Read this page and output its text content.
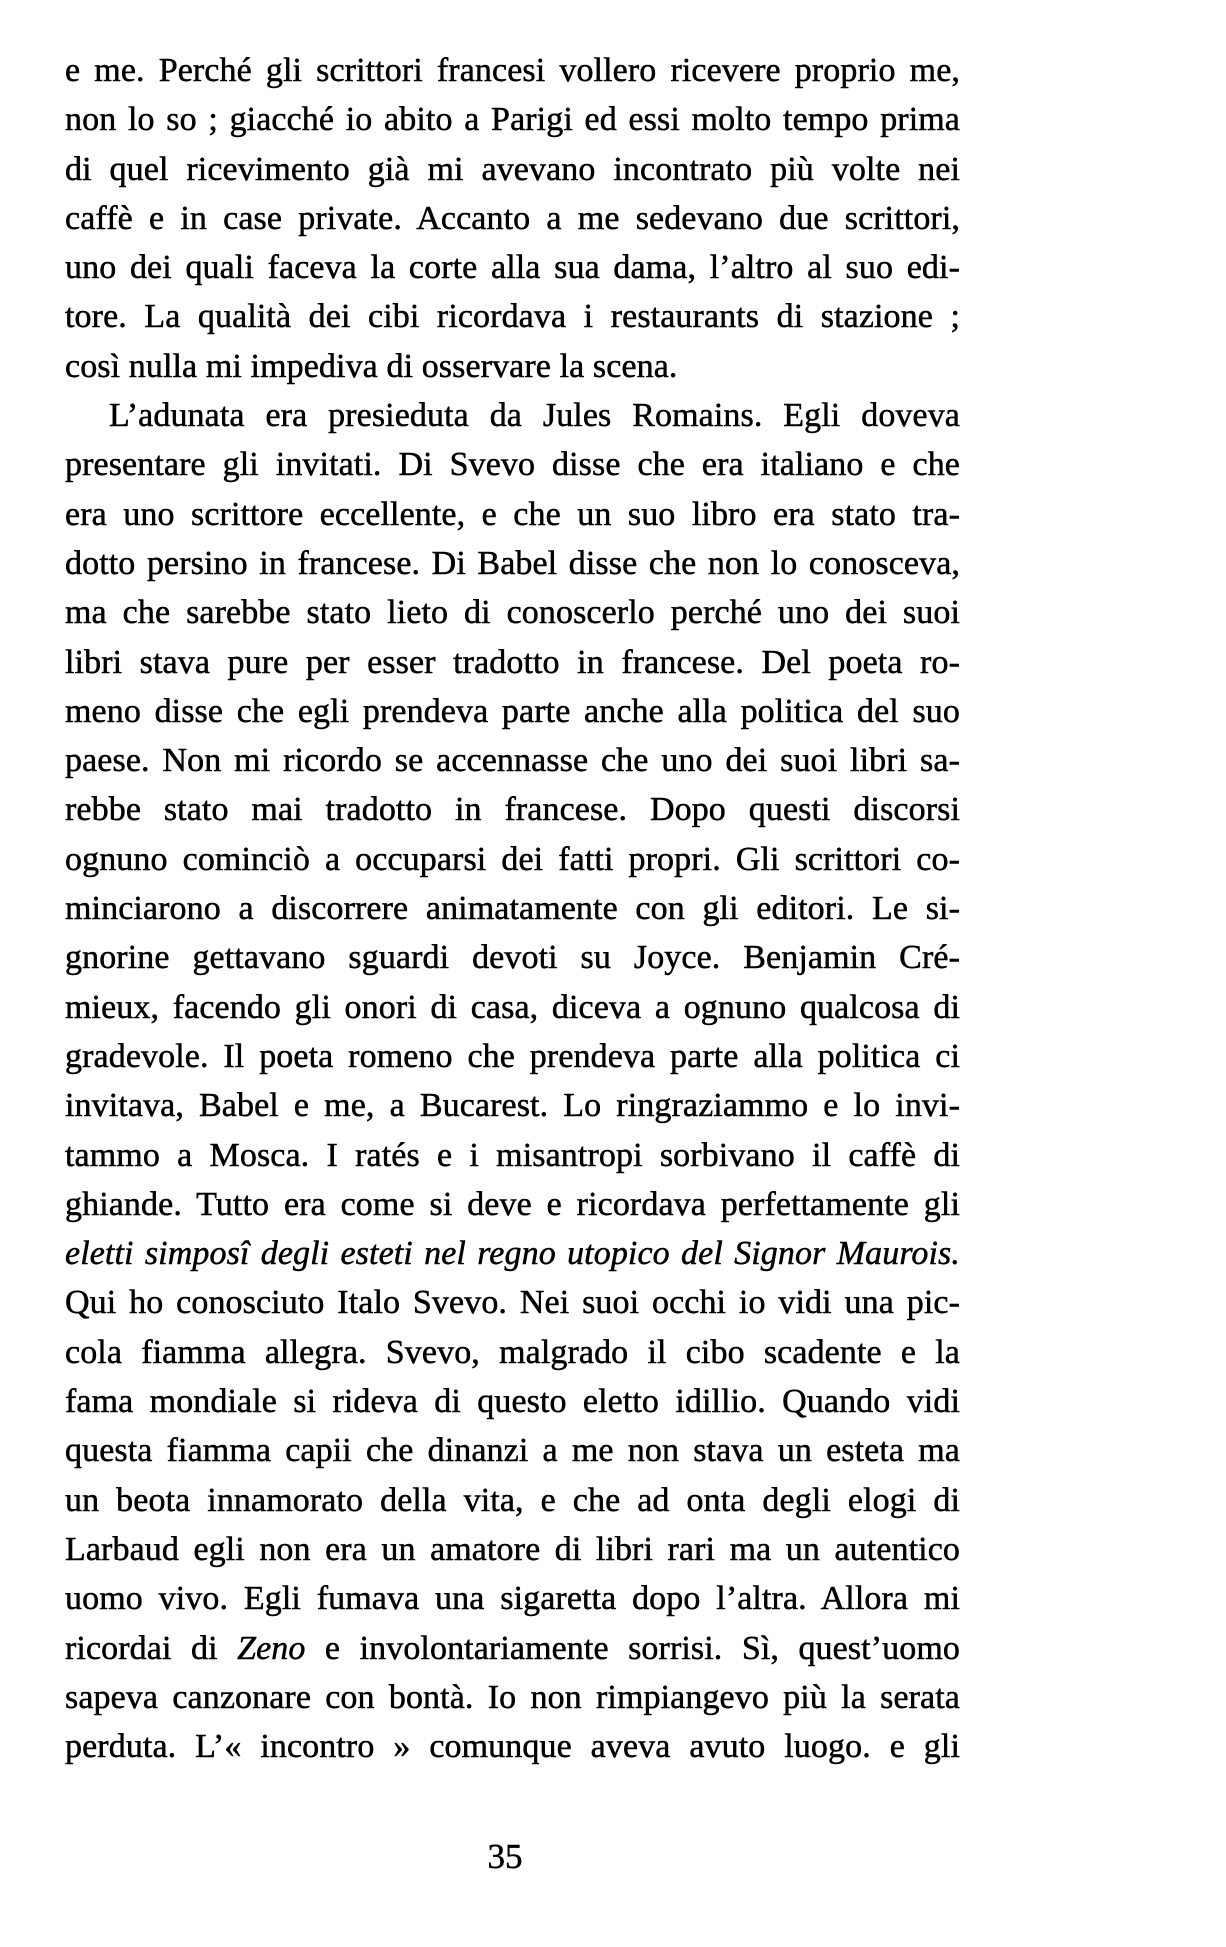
e me. Perché gli scrittori francesi vollero ricevere proprio me,
non lo so ; giacché io abito a Parigi ed essi molto tempo prima
di quel ricevimento già mi avevano incontrato più volte nei
caffè e in case private. Accanto a me sedevano due scrittori,
uno dei quali faceva la corte alla sua dama, l’altro al suo edi-
tore. La qualità dei cibi ricordava i restaurants di stazione ;
così nulla mi impediva di osservare la scena.
L’adunata era presieduta da Jules Romains. Egli doveva
presentare gli invitati. Di Svevo disse che era italiano e che
era uno scrittore eccellente, e che un suo libro era stato tra-
dotto persino in francese. Di Babel disse che non lo conosceva,
ma che sarebbe stato lieto di conoscerlo perché uno dei suoi
libri stava pure per esser tradotto in francese. Del poeta ro-
meno disse che egli prendeva parte anche alla politica del suo
paese. Non mi ricordo se accennasse che uno dei suoi libri sa-
rebbe stato mai tradotto in francese. Dopo questi discorsi
ognuno cominciò a occuparsi dei fatti propri. Gli scrittori co-
minciarono a discorrere animatamente con gli editori. Le si-
gnorine gettavano sguardi devoti su Joyce. Benjamin Cré-
mieux, facendo gli onori di casa, diceva a ognuno qualcosa di
gradevole. Il poeta romeno che prendeva parte alla politica ci
invitava, Babel e me, a Bucarest. Lo ringraziammo e lo invi-
tammo a Mosca. I ratés e i misantropi sorbivano il caffè di
ghiande. Tutto era come si deve e ricordava perfettamente gli
eletti simposî degli esteti nel regno utopico del Signor Maurois.
Qui ho conosciuto Italo Svevo. Nei suoi occhi io vidi una pic-
cola fiamma allegra. Svevo, malgrado il cibo scadente e la
fama mondiale si rideva di questo eletto idillio. Quando vidi
questa fiamma capii che dinanzi a me non stava un esteta ma
un beota innamorato della vita, e che ad onta degli elogi di
Larbaud egli non era un amatore di libri rari ma un autentico
uomo vivo. Egli fumava una sigaretta dopo l’altra. Allora mi
ricordai di Zeno e involontariamente sorrisi. Sì, quest’uomo
sapeva canzonare con bontà. Io non rimpiangevo più la serata
perduta. L’« incontro » comunque aveva avuto luogo. e gli
35
